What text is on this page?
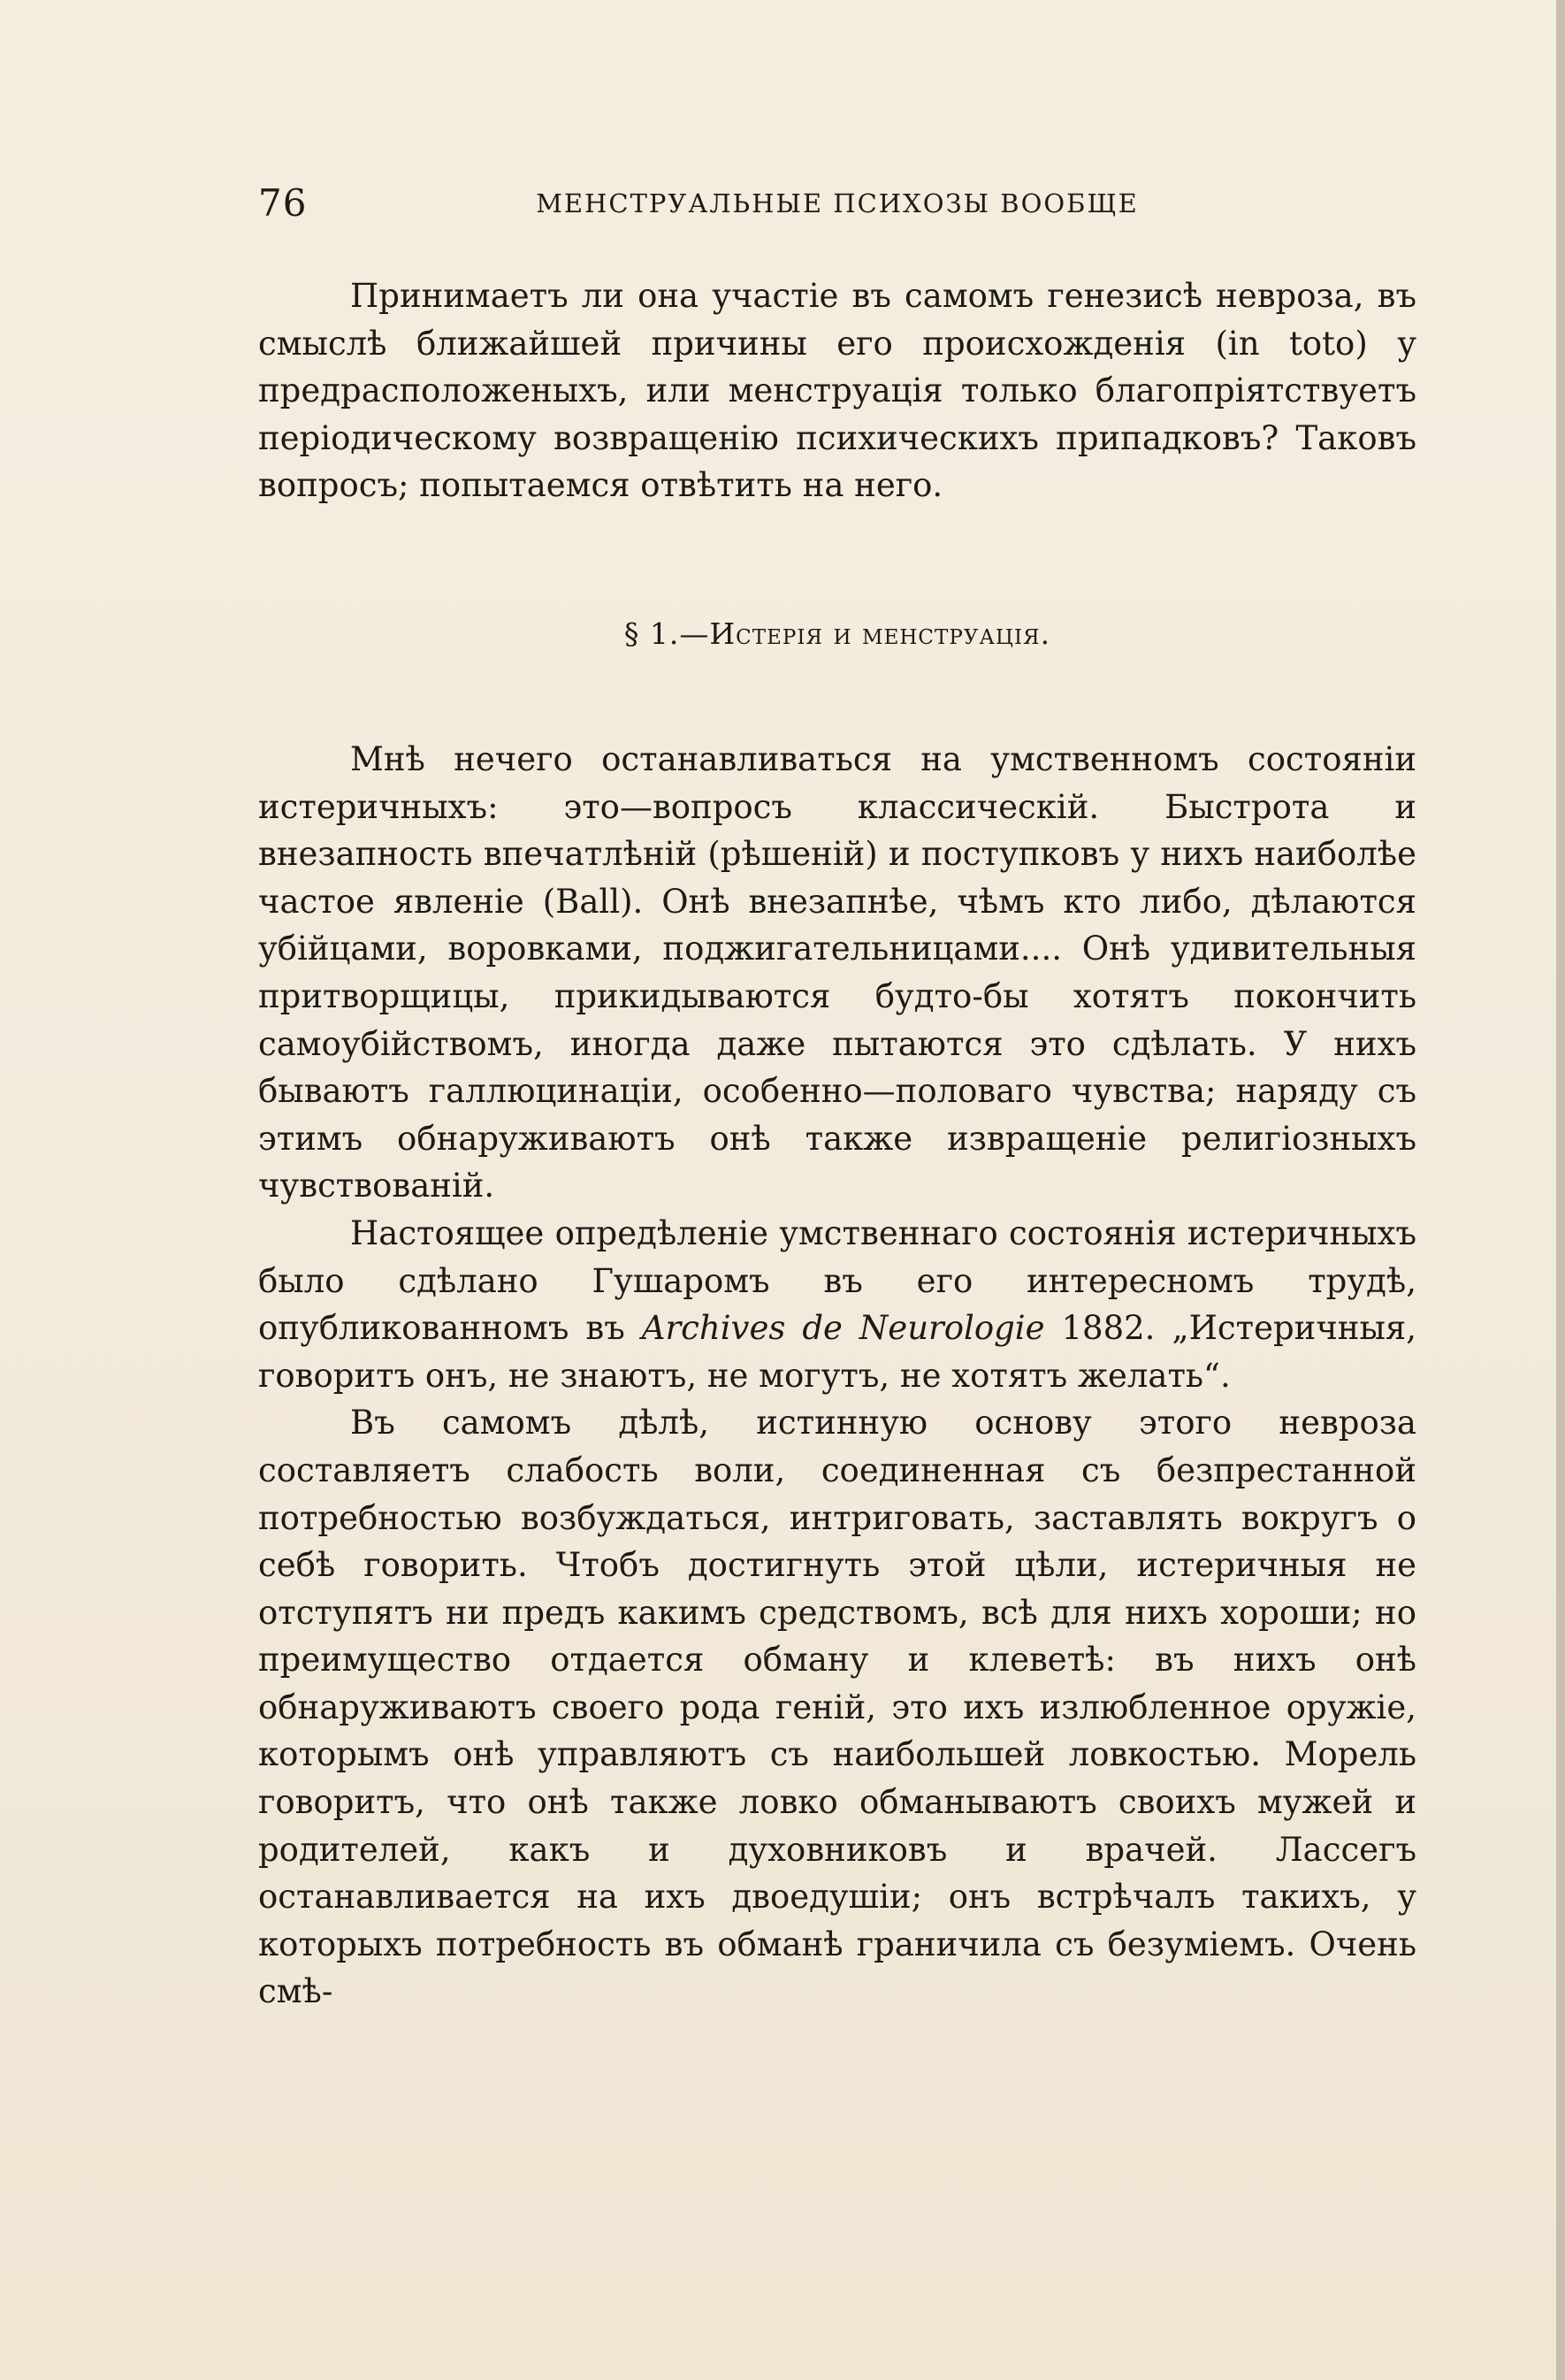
76	МЕНСТРУАЛЬНЫЕ ПСИХОЗЫ ВООБЩЕ

Принимаетъ ли она участіе въ самомъ генезисѣ невроза, въ смыслѣ ближайшей причины его происхожденія (in toto) у предрасположеныхъ, или менструація только благопріятствуетъ періодическому возвращенію психическихъ припадковъ? Таковъ вопросъ; попытаемся отвѣтить на него.

§ 1.—Истерія и менструація.

Мнѣ нечего останавливаться на умственномъ состояніи истеричныхъ: это—вопросъ классическій. Быстрота и внезапность впечатлѣній (рѣшеній) и поступковъ у нихъ наиболѣе частое явленіе (Ball). Онѣ внезапнѣе, чѣмъ кто либо, дѣлаются убійцами, воровками, поджигательницами.... Онѣ удивительныя притворщицы, прикидываются будто-бы хотятъ покончить самоубійствомъ, иногда даже пытаются это сдѣлать. У нихъ бываютъ галлюцинаціи, особенно—половаго чувства; наряду съ этимъ обнаруживаютъ онѣ также извращеніе религіозныхъ чувствованій.

Настоящее опредѣленіе умственнаго состоянія истеричныхъ было сдѣлано Гушаромъ въ его интересномъ трудѣ, опубликованномъ въ Archives de Neurologie 1882. „Истеричныя, говоритъ онъ, не знаютъ, не могутъ, не хотятъ желать“.

Въ самомъ дѣлѣ, истинную основу этого невроза составляетъ слабость воли, соединенная съ безпрестанной потребностью возбуждаться, интриговать, заставлять вокругъ о себѣ говорить. Чтобъ достигнуть этой цѣли, истеричныя не отступятъ ни предъ какимъ средствомъ, всѣ для нихъ хороши; но преимущество отдается обману и клеветѣ: въ нихъ онѣ обнаруживаютъ своего рода геній, это ихъ излюбленное оружіе, которымъ онѣ управляютъ съ наибольшей ловкостью. Морель говоритъ, что онѣ также ловко обманываютъ своихъ мужей и родителей, какъ и духовниковъ и врачей. Лассегъ останавливается на ихъ двоедушіи; онъ встрѣчалъ такихъ, у которыхъ потребность въ обманѣ граничила съ безуміемъ. Очень смѣ-
